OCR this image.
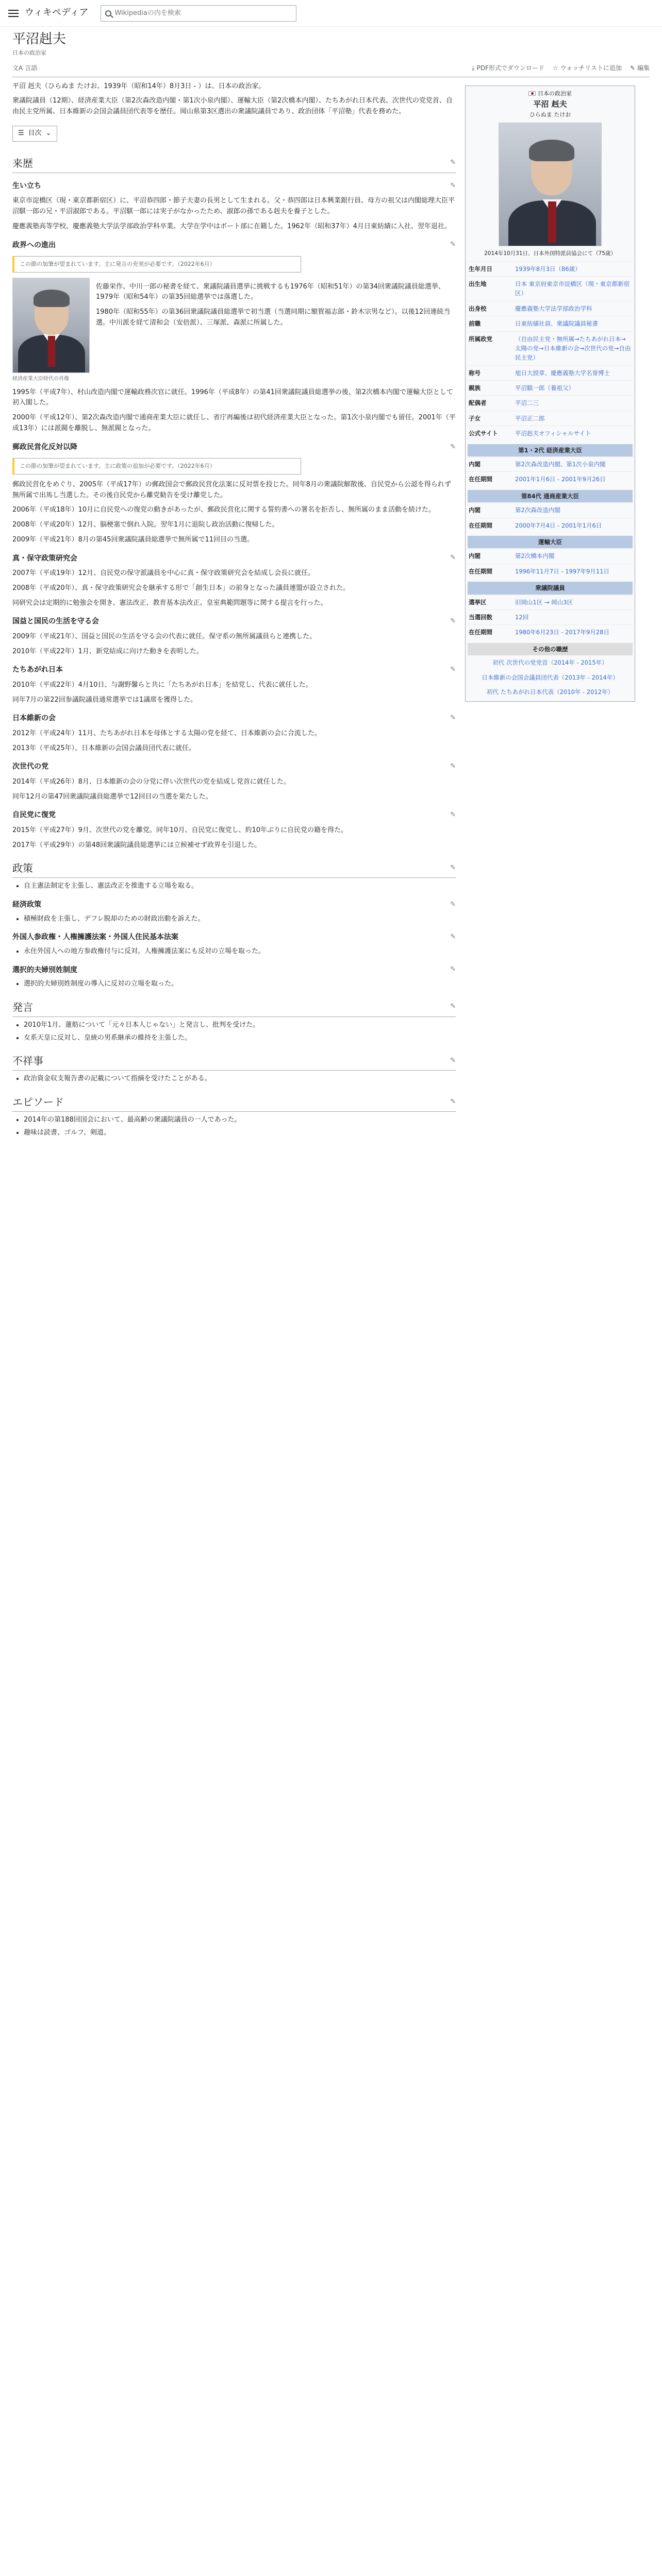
ウィキペディア
Wikipediaの内を検索
平沼赳夫
日本の政治家
文A 言語	⤓ PDF形式でダウンロード ☆ ウォッチリストに追加 ✎ 編集

平沼 赳夫（ひらぬま たけお、1939年（昭和14年）8月3日 - ）は、日本の政治家。

衆議院議員（12期）、経済産業大臣（第2次森改造内閣・第1次小泉内閣）、運輸大臣（第2次橋本内閣）、たちあがれ日本代表、次世代の党党首、自由民主党所属、日本維新の会国会議員団代表等を歴任。岡山県第3区選出の衆議院議員であり、政治団体「平沼塾」代表を務めた。

☰ 目次 ⌄
来歴	✎
生い立ち	✎

東京市淀橋区（現・東京都新宿区）に、平沼恭四郎・節子夫妻の長男として生まれる。父・恭四郎は日本興業銀行員、母方の祖父は内閣総理大臣平沼騏一郎の兄・平沼淑郎である。平沼騏一郎には実子がなかったため、淑郎の孫である赳夫を養子とした。

慶應義塾高等学校、慶應義塾大学法学部政治学科卒業。大学在学中はボート部に在籍した。1962年（昭和37年）4月日東紡績に入社、翌年退社。

政界への進出	✎
この節の加筆が望まれています。主に発言の充実が必要です。（2022年6月）
経済産業大臣時代の肖像

佐藤栄作、中川一郎の秘書を経て、衆議院議員選挙に挑戦するも1976年（昭和51年）の第34回衆議院議員総選挙、1979年（昭和54年）の第35回総選挙では落選した。

1980年（昭和55年）の第36回衆議院議員総選挙で初当選（当選同期に額賀福志郎・鈴木宗男など）。以後12回連続当選。中川派を経て清和会（安倍派）、三塚派、森派に所属した。

1995年（平成7年）、村山改造内閣で運輸政務次官に就任。1996年（平成8年）の第41回衆議院議員総選挙の後、第2次橋本内閣で運輸大臣として初入閣した。

2000年（平成12年）、第2次森改造内閣で通商産業大臣に就任し、省庁再編後は初代経済産業大臣となった。第1次小泉内閣でも留任。2001年（平成13年）には派閥を離脱し、無派閥となった。

郵政民営化反対以降	✎
この節の加筆が望まれています。主に政策の追加が必要です。（2022年6月）

郵政民営化をめぐり、2005年（平成17年）の郵政国会で郵政民営化法案に反対票を投じた。同年8月の衆議院解散後、自民党から公認を得られず無所属で出馬し当選した。その後自民党から離党勧告を受け離党した。

2006年（平成18年）10月に自民党への復党の動きがあったが、郵政民営化に関する誓約書への署名を拒否し、無所属のまま活動を続けた。

2008年（平成20年）12月、脳梗塞で倒れ入院。翌年1月に退院し政治活動に復帰した。

2009年（平成21年）8月の第45回衆議院議員総選挙で無所属で11回目の当選。

真・保守政策研究会	✎

2007年（平成19年）12月、自民党の保守派議員を中心に真・保守政策研究会を結成し会長に就任。

2008年（平成20年）、真・保守政策研究会を継承する形で「創生日本」の前身となった議員連盟が設立された。

同研究会は定期的に勉強会を開き、憲法改正、教育基本法改正、皇室典範問題等に関する提言を行った。

国益と国民の生活を守る会	✎

2009年（平成21年）、国益と国民の生活を守る会の代表に就任。保守系の無所属議員らと連携した。

2010年（平成22年）1月、新党結成に向けた動きを表明した。

たちあがれ日本	✎

2010年（平成22年）4月10日、与謝野馨らと共に「たちあがれ日本」を結党し、代表に就任した。

同年7月の第22回参議院議員通常選挙では1議席を獲得した。

日本維新の会	✎

2012年（平成24年）11月、たちあがれ日本を母体とする太陽の党を経て、日本維新の会に合流した。

2013年（平成25年）、日本維新の会国会議員団代表に就任。

次世代の党	✎

2014年（平成26年）8月、日本維新の会の分党に伴い次世代の党を結成し党首に就任した。

同年12月の第47回衆議院議員総選挙で12回目の当選を果たした。

自民党に復党	✎

2015年（平成27年）9月、次世代の党を離党。同年10月、自民党に復党し、約10年ぶりに自民党の籍を得た。

2017年（平成29年）の第48回衆議院議員総選挙には立候補せず政界を引退した。

政策	✎
• 自主憲法制定を主張し、憲法改正を推進する立場を取る。
経済政策	✎
• 積極財政を主張し、デフレ脱却のための財政出動を訴えた。
外国人参政権・人権擁護法案・外国人住民基本法案	✎
• 永住外国人への地方参政権付与に反対。人権擁護法案にも反対の立場を取った。
選択的夫婦別姓制度	✎
• 選択的夫婦別姓制度の導入に反対の立場を取った。
発言	✎
• 2010年1月、蓮舫について「元々日本人じゃない」と発言し、批判を受けた。
• 女系天皇に反対し、皇統の男系継承の維持を主張した。
不祥事	✎
• 政治資金収支報告書の記載について指摘を受けたことがある。
エピソード	✎
• 2014年の第188回国会において、最高齢の衆議院議員の一人であった。
• 趣味は読書、ゴルフ、剣道。
日本の政治家
平沼 赳夫
ひらぬま たけお
2014年10月31日、日本外国特派員協会にて（75歳）
生年月日	1939年8月3日（86歳）
出生地	日本 東京府東京市淀橋区（現・東京都新宿区）
出身校	慶應義塾大学法学部政治学科
前職	日東紡績社員、衆議院議員秘書
所属政党	（自由民主党・無所属→たちあがれ日本→太陽の党→日本維新の会→次世代の党→自由民主党）
称号	旭日大綬章、慶應義塾大学名誉博士
親族	平沼騏一郎（養祖父）
配偶者	平沼二三
子女	平沼正二郎
公式サイト	平沼赳夫オフィシャルサイト
第1・2代 経済産業大臣
内閣	第2次森改造内閣、第1次小泉内閣
在任期間	2001年1月6日 - 2001年9月26日
第84代 通商産業大臣
内閣	第2次森改造内閣
在任期間	2000年7月4日 - 2001年1月6日
運輸大臣
内閣	第2次橋本内閣
在任期間	1996年11月7日 - 1997年9月11日
衆議院議員
選挙区	旧岡山1区 → 岡山3区
当選回数	12回
在任期間	1980年6月23日 - 2017年9月28日
その他の職歴
初代 次世代の党党首（2014年 - 2015年）
日本維新の会国会議員団代表（2013年 - 2014年）
初代 たちあがれ日本代表（2010年 - 2012年）
